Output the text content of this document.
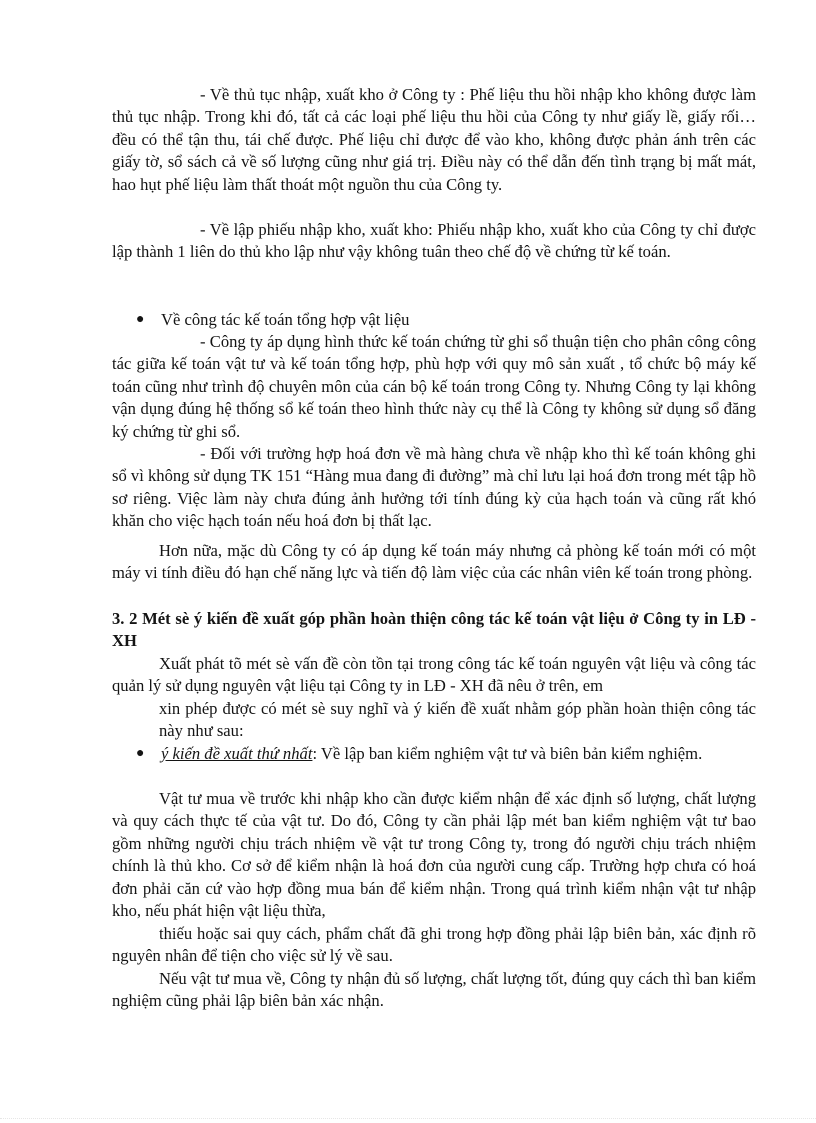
- Về thủ tục nhập, xuất kho ở Công ty : Phế liệu thu hồi nhập kho không được làm thủ tục nhập. Trong khi đó, tất cả các loại phế liệu thu hồi của Công ty như giấy lề, giấy rối…đều có thể tận thu, tái chế được. Phế liệu chỉ được để vào kho, không được phản ánh trên các giấy tờ, sổ sách cả về số lượng cũng như giá trị. Điều này có thể dẫn đến tình trạng bị mất mát, hao hụt phế liệu làm thất thoát một nguồn thu của Công ty.

- Về lập phiếu nhập kho, xuất kho: Phiếu nhập kho, xuất kho của Công ty chỉ được lập thành 1 liên do thủ kho lập như vậy không tuân theo chế độ về chứng từ kế toán.

● Về công tác kế toán tổng hợp vật liệu

- Công ty áp dụng hình thức kế toán chứng từ ghi sổ thuận tiện cho phân công công tác giữa kế toán vật tư và kế toán tổng hợp, phù hợp với quy mô sản xuất , tổ chức bộ máy kế toán cũng như trình độ chuyên môn của cán bộ kế toán trong Công ty. Nhưng Công ty lại không vận dụng đúng hệ thống sổ kế toán theo hình thức này cụ thể là Công ty không sử dụng sổ đăng ký chứng từ ghi sổ.

- Đối với trường hợp hoá đơn về mà hàng chưa về nhập kho thì kế toán không ghi sổ vì không sử dụng TK 151 “Hàng mua đang đi đường” mà chỉ lưu lại hoá đơn trong mét tập hồ sơ riêng. Việc làm này chưa đúng ảnh hưởng tới tính đúng kỳ của hạch toán và cũng rất khó khăn cho việc hạch toán nếu hoá đơn bị thất lạc.

Hơn nữa, mặc dù Công ty có áp dụng kế toán máy nhưng cả phòng kế toán mới có một máy vi tính điều đó hạn chế năng lực và tiến độ làm việc của các nhân viên kế toán trong phòng.

3. 2 Mét sè ý kiến đề xuất góp phần hoàn thiện công tác kế toán vật liệu ở Công ty in LĐ - XH

Xuất phát tõ mét sè vấn đề còn tồn tại trong công tác kế toán nguyên vật liệu và công tác quản lý sử dụng nguyên vật liệu tại Công ty in LĐ - XH đã nêu ở trên, em

xin phép được có mét sè suy nghĩ và ý kiến đề xuất nhằm góp phần hoàn thiện công tác này như sau:

● ý kiến đề xuất thứ nhất: Về lập ban kiểm nghiệm vật tư và biên bản kiểm nghiệm.

Vật tư mua về trước khi nhập kho cần được kiểm nhận để xác định số lượng, chất lượng và quy cách thực tế của vật tư. Do đó, Công ty cần phải lập mét ban kiểm nghiệm vật tư bao gồm những người chịu trách nhiệm về vật tư trong Công ty, trong đó người chịu trách nhiệm chính là thủ kho. Cơ sở để kiểm nhận là hoá đơn của người cung cấp. Trường hợp chưa có hoá đơn phải căn cứ vào hợp đồng mua bán để kiểm nhận. Trong quá trình kiểm nhận vật tư nhập kho, nếu phát hiện vật liệu thừa,

thiếu hoặc sai quy cách, phẩm chất đã ghi trong hợp đồng phải lập biên bản, xác định rõ nguyên nhân để tiện cho việc sử lý về sau.

Nếu vật tư mua về, Công ty nhận đủ số lượng, chất lượng tốt, đúng quy cách thì ban kiểm nghiệm cũng phải lập biên bản xác nhận.
